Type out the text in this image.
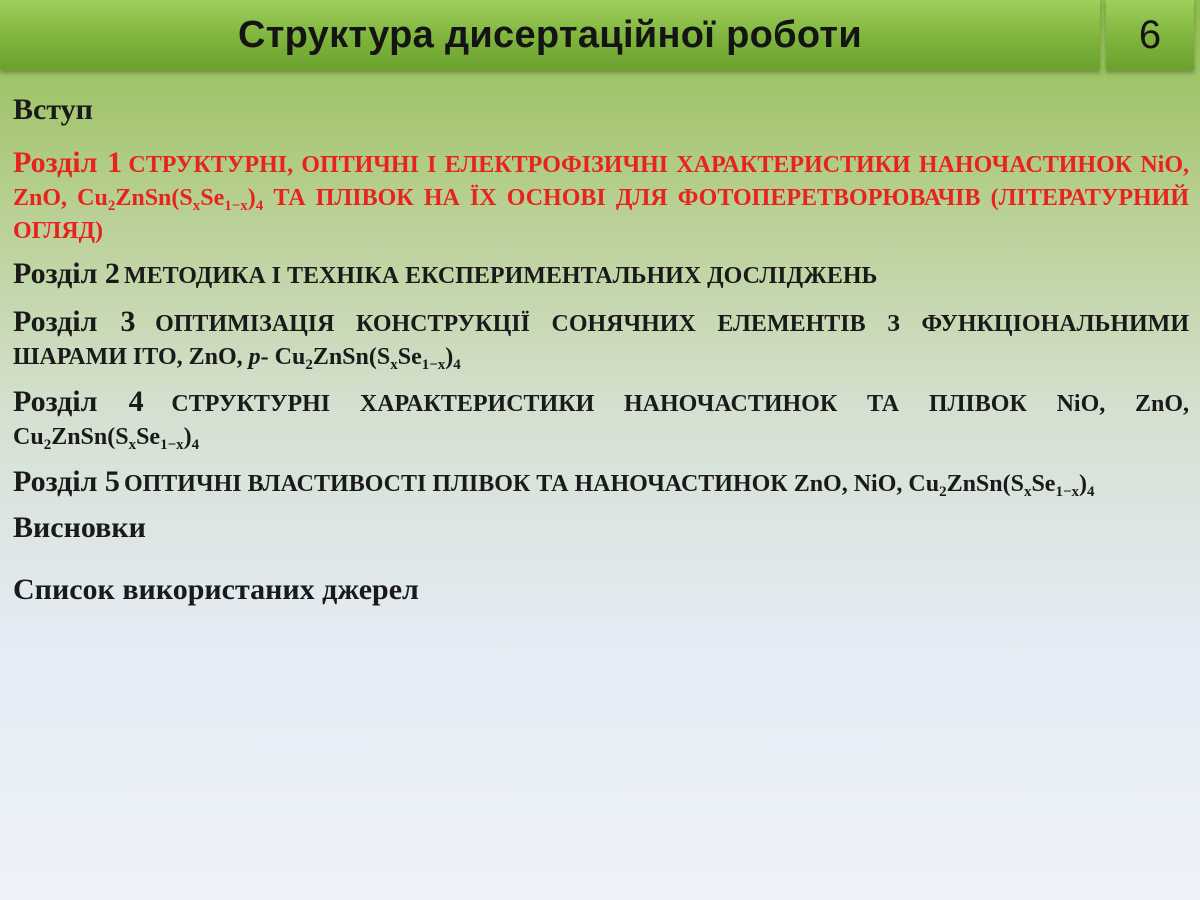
Структура дисертаційної роботи	6
Вступ
Розділ 1 СТРУКТУРНІ, ОПТИЧНІ І ЕЛЕКТРОФІЗИЧНІ ХАРАКТЕРИСТИКИ НАНОЧАСТИНОК NiO, ZnO, $Cu_2ZnSn(S_xSe_{1-x})_4$ ТА ПЛІВОК НА ЇХ ОСНОВІ ДЛЯ ФОТОПЕРЕТВОРЮВАЧІВ (ЛІТЕРАТУРНИЙ ОГЛЯД)
Розділ 2 МЕТОДИКА І ТЕХНІКА ЕКСПЕРИМЕНТАЛЬНИХ ДОСЛІДЖЕНЬ
Розділ 3 ОПТИМІЗАЦІЯ КОНСТРУКЦІЇ СОНЯЧНИХ ЕЛЕМЕНТІВ З ФУНКЦІОНАЛЬНИМИ ШАРАМИ ІТО, ZnO, p- $Cu_2ZnSn(S_xSe_{1-x})_4$
Розділ 4 СТРУКТУРНІ ХАРАКТЕРИСТИКИ НАНОЧАСТИНОК ТА ПЛІВОК NiO, ZnO, $Cu_2ZnSn(S_xSe_{1-x})_4$
Розділ 5 ОПТИЧНІ ВЛАСТИВОСТІ ПЛІВОК ТА НАНОЧАСТИНОК ZnO, NiO, $Cu_2ZnSn(S_xSe_{1-x})_4$
Висновки
Список використаних джерел
